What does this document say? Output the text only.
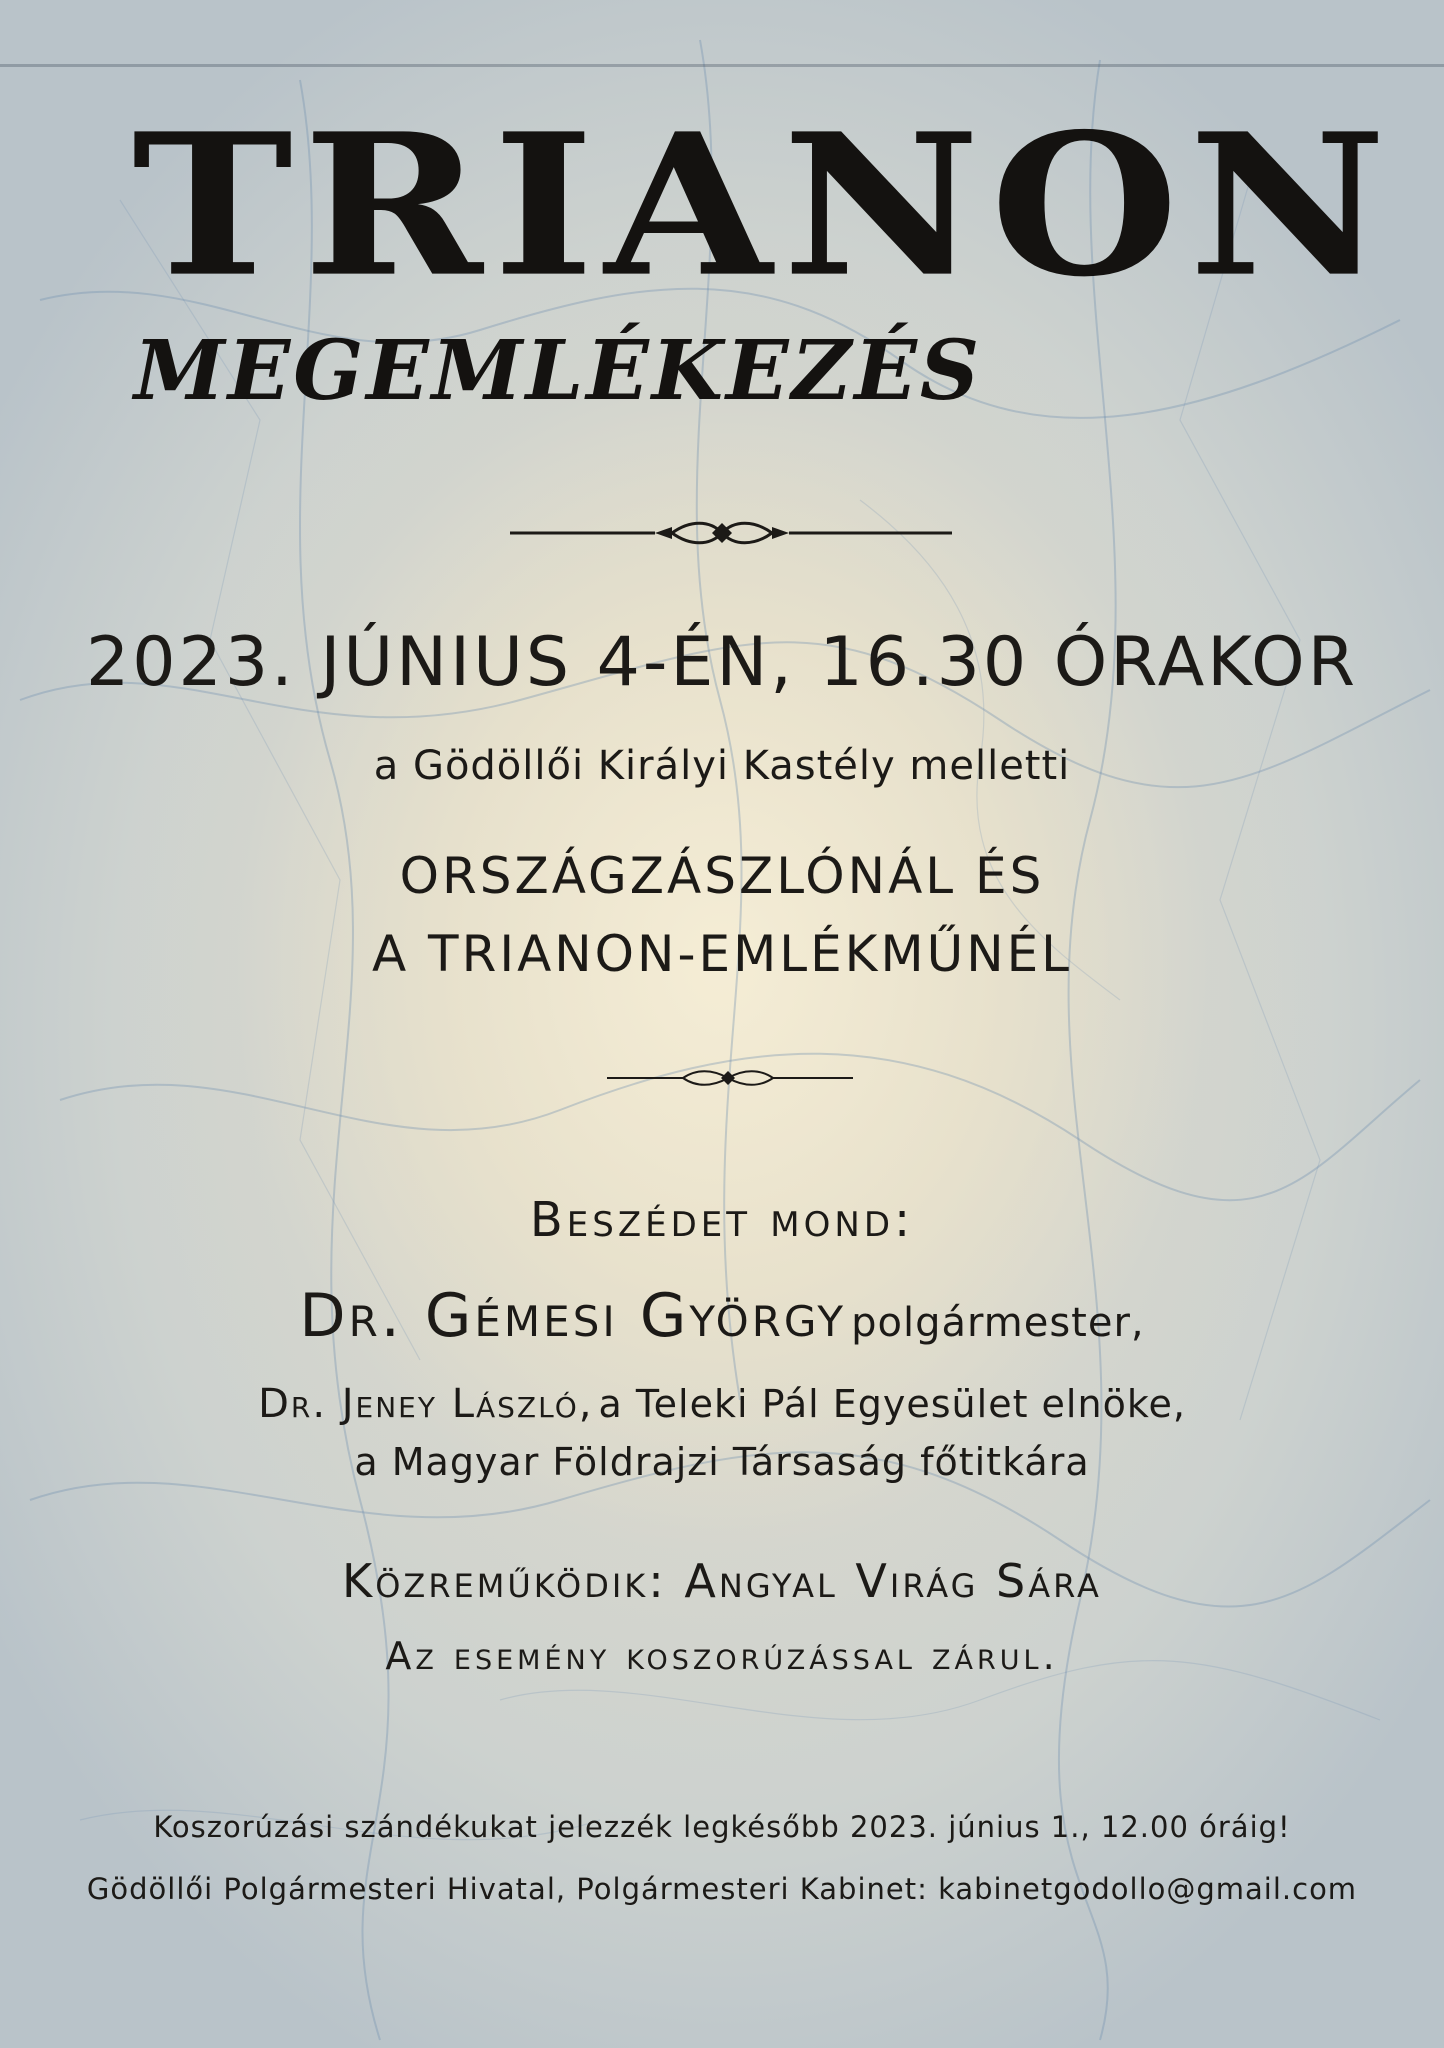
TRIANON
MEGEMLÉKEZÉS

2023. JÚNIUS 4-ÉN, 16.30 ÓRAKOR

a Gödöllői Királyi Kastély melletti

ORSZÁGZÁSZLÓNÁL ÉS

A TRIANON-EMLÉKMŰNÉL

Beszédet mond:

Dr. Gémesi György polgármester,

Dr. Jeney László, a Teleki Pál Egyesület elnöke,

a Magyar Földrajzi Társaság főtitkára

Közreműködik: Angyal Virág Sára

Az esemény koszorúzással zárul.

Koszorúzási szándékukat jelezzék legkésőbb 2023. június 1., 12.00 óráig!

Gödöllői Polgármesteri Hivatal, Polgármesteri Kabinet: kabinetgodollo@gmail.com
